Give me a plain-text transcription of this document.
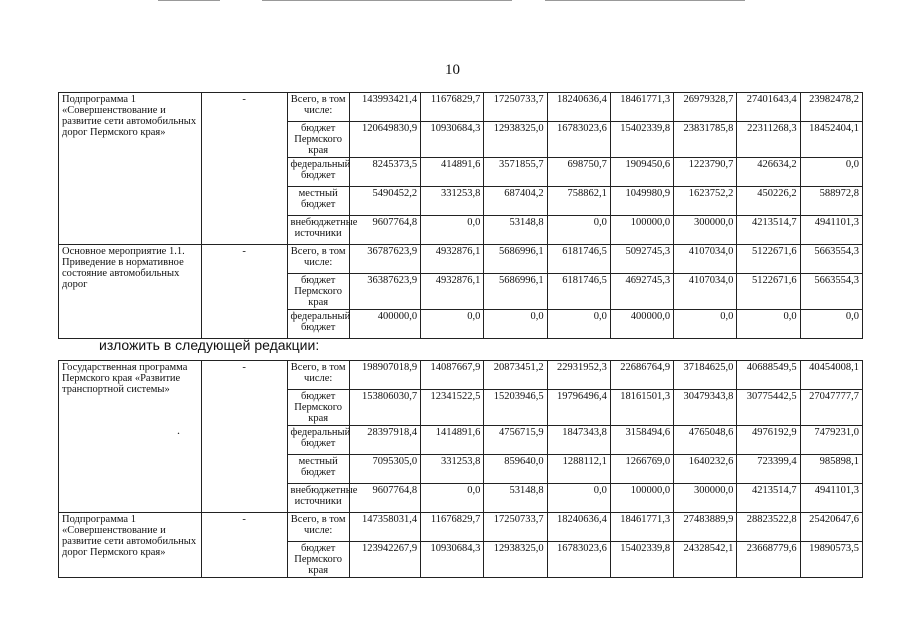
10
Подпрограмма 1 «Совершенствование и развитие сети автомобильных дорог Пермского края»	-	Всего, в том числе:	143993421,4	11676829,7	17250733,7	18240636,4	18461771,3	26979328,7	27401643,4	23982478,2
		бюджет Пермского края	120649830,9	10930684,3	12938325,0	16783023,6	15402339,8	23831785,8	22311268,3	18452404,1
		федеральный бюджет	8245373,5	414891,6	3571855,7	698750,7	1909450,6	1223790,7	426634,2	0,0
		местный бюджет	5490452,2	331253,8	687404,2	758862,1	1049980,9	1623752,2	450226,2	588972,8
		внебюджетные источники	9607764,8	0,0	53148,8	0,0	100000,0	300000,0	4213514,7	4941101,3
Основное мероприятие 1.1. Приведение в нормативное состояние автомобильных дорог	-	Всего, в том числе:	36787623,9	4932876,1	5686996,1	6181746,5	5092745,3	4107034,0	5122671,6	5663554,3
		бюджет Пермского края	36387623,9	4932876,1	5686996,1	6181746,5	4692745,3	4107034,0	5122671,6	5663554,3
		федеральный бюджет	400000,0	0,0	0,0	0,0	400000,0	0,0	0,0	0,0
изложить в следующей редакции:
Государственная программа Пермского края «Развитие транспортной системы»	-	Всего, в том числе:	198907018,9	14087667,9	20873451,2	22931952,3	22686764,9	37184625,0	40688549,5	40454008,1
		бюджет Пермского края	153806030,7	12341522,5	15203946,5	19796496,4	18161501,3	30479343,8	30775442,5	27047777,7
		федеральный бюджет	28397918,4	1414891,6	4756715,9	1847343,8	3158494,6	4765048,6	4976192,9	7479231,0
		местный бюджет	7095305,0	331253,8	859640,0	1288112,1	1266769,0	1640232,6	723399,4	985898,1
		внебюджетные источники	9607764,8	0,0	53148,8	0,0	100000,0	300000,0	4213514,7	4941101,3
Подпрограмма 1 «Совершенствование и развитие сети автомобильных дорог Пермского края»	-	Всего, в том числе:	147358031,4	11676829,7	17250733,7	18240636,4	18461771,3	27483889,9	28823522,8	25420647,6
		бюджет Пермского края	123942267,9	10930684,3	12938325,0	16783023,6	15402339,8	24328542,1	23668779,6	19890573,5
.
